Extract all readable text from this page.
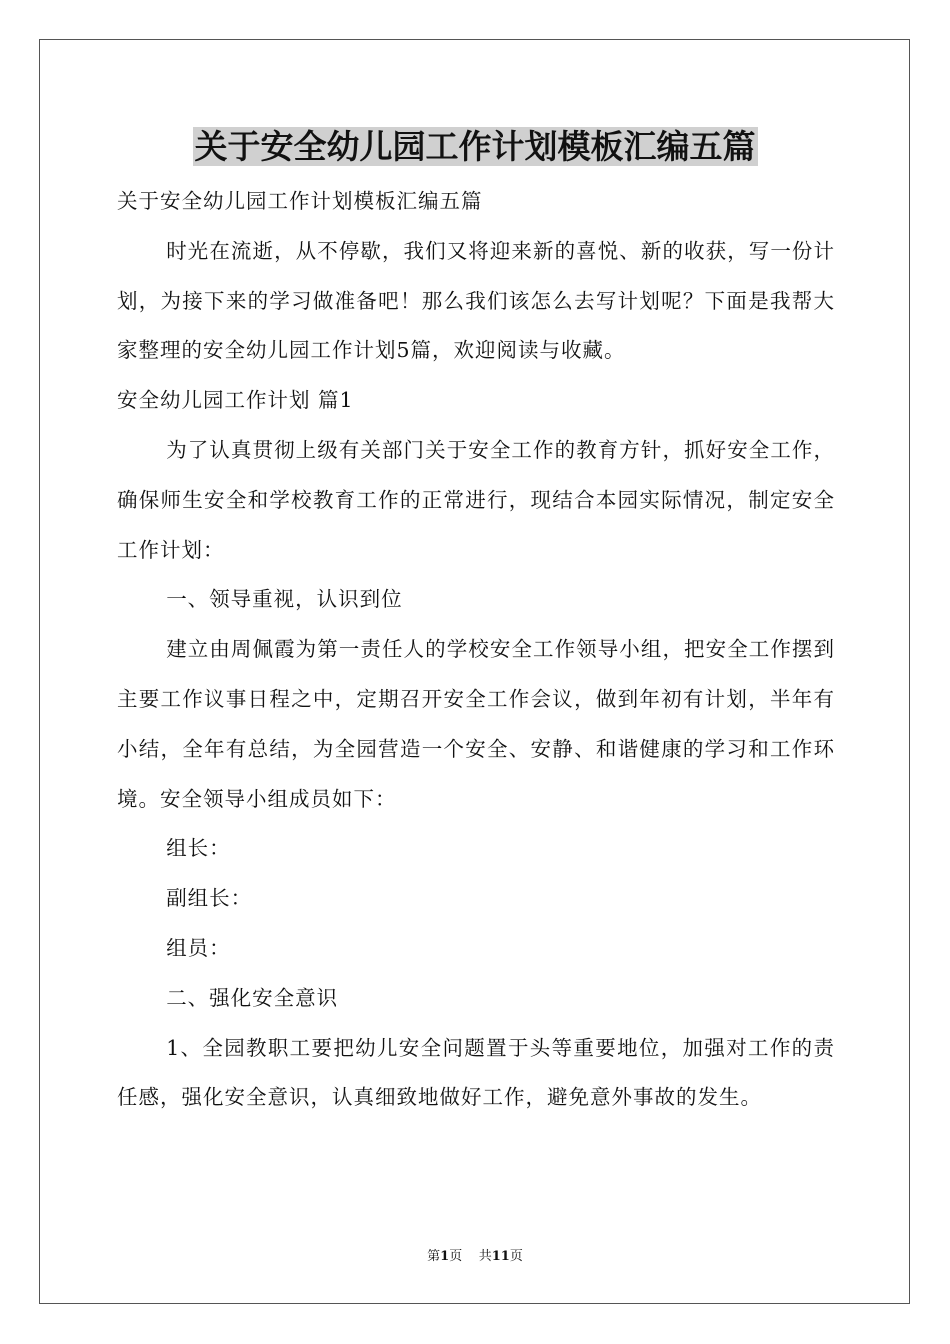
关于安全幼儿园工作计划模板汇编五篇

关于安全幼儿园工作计划模板汇编五篇

时光在流逝，从不停歇，我们又将迎来新的喜悦、新的收获，写一份计划，为接下来的学习做准备吧！那么我们该怎么去写计划呢？下面是我帮大家整理的安全幼儿园工作计划5篇，欢迎阅读与收藏。

安全幼儿园工作计划 篇1

为了认真贯彻上级有关部门关于安全工作的教育方针，抓好安全工作，确保师生安全和学校教育工作的正常进行，现结合本园实际情况，制定安全工作计划：

一、领导重视，认识到位

建立由周佩霞为第一责任人的学校安全工作领导小组，把安全工作摆到主要工作议事日程之中，定期召开安全工作会议，做到年初有计划，半年有小结，全年有总结，为全园营造一个安全、安静、和谐健康的学习和工作环境。安全领导小组成员如下：

组长：

副组长：

组员：

二、强化安全意识

1、全园教职工要把幼儿安全问题置于头等重要地位，加强对工作的责任感，强化安全意识，认真细致地做好工作，避免意外事故的发生。

第1页 共11页
